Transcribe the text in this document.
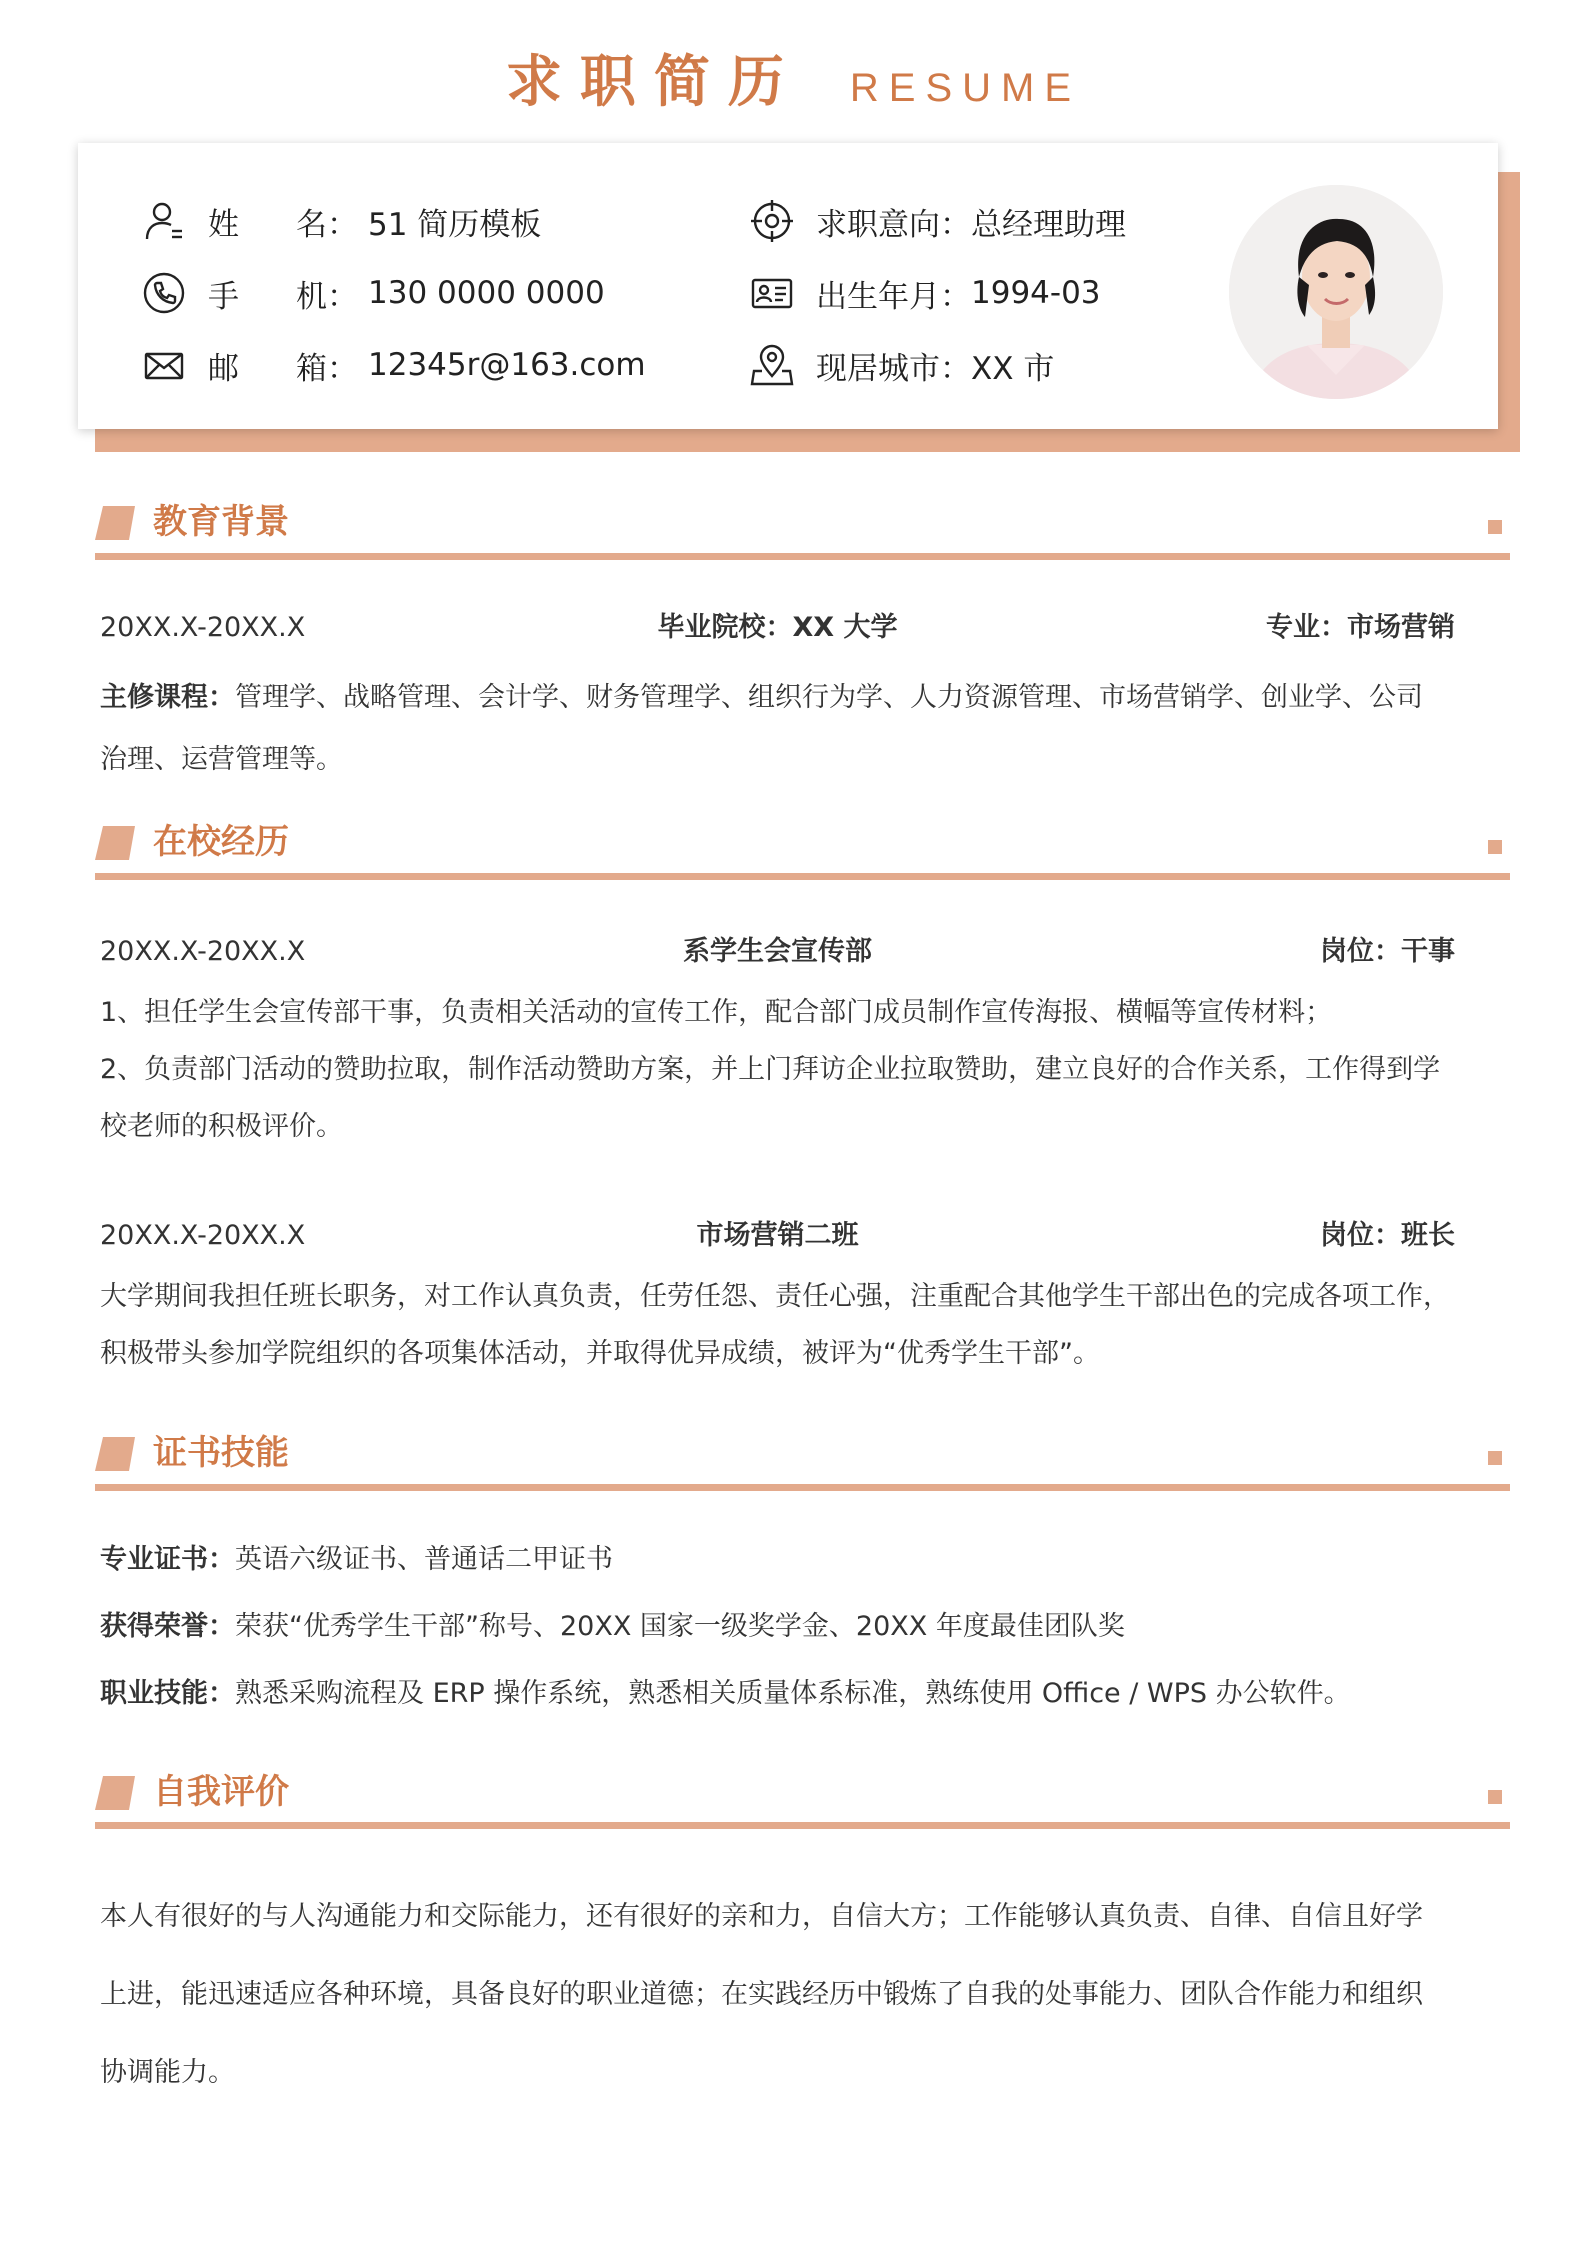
求职简历 RESUME
姓 名： 51 简历模板
手 机： 130 0000 0000
邮 箱： 12345r@163.com
求职意向： 总经理助理
出生年月： 1994-03
现居城市： XX 市
教育背景
20XX.X-20XX.X	毕业院校：XX 大学	专业：市场营销
主修课程：管理学、战略管理、会计学、财务管理学、组织行为学、人力资源管理、市场营销学、创业学、公司
治理、运营管理等。
在校经历
20XX.X-20XX.X	系学生会宣传部	岗位：干事
1、担任学生会宣传部干事，负责相关活动的宣传工作，配合部门成员制作宣传海报、横幅等宣传材料；
2、负责部门活动的赞助拉取，制作活动赞助方案，并上门拜访企业拉取赞助，建立良好的合作关系，工作得到学
校老师的积极评价。
20XX.X-20XX.X	市场营销二班	岗位：班长
大学期间我担任班长职务，对工作认真负责，任劳任怨、责任心强，注重配合其他学生干部出色的完成各项工作，
积极带头参加学院组织的各项集体活动，并取得优异成绩，被评为“优秀学生干部”。
证书技能
专业证书：英语六级证书、普通话二甲证书
获得荣誉：荣获“优秀学生干部”称号、20XX 国家一级奖学金、20XX 年度最佳团队奖
职业技能：熟悉采购流程及 ERP 操作系统，熟悉相关质量体系标准，熟练使用 Office / WPS 办公软件。
自我评价
本人有很好的与人沟通能力和交际能力，还有很好的亲和力，自信大方；工作能够认真负责、自律、自信且好学
上进，能迅速适应各种环境，具备良好的职业道德；在实践经历中锻炼了自我的处事能力、团队合作能力和组织
协调能力。
